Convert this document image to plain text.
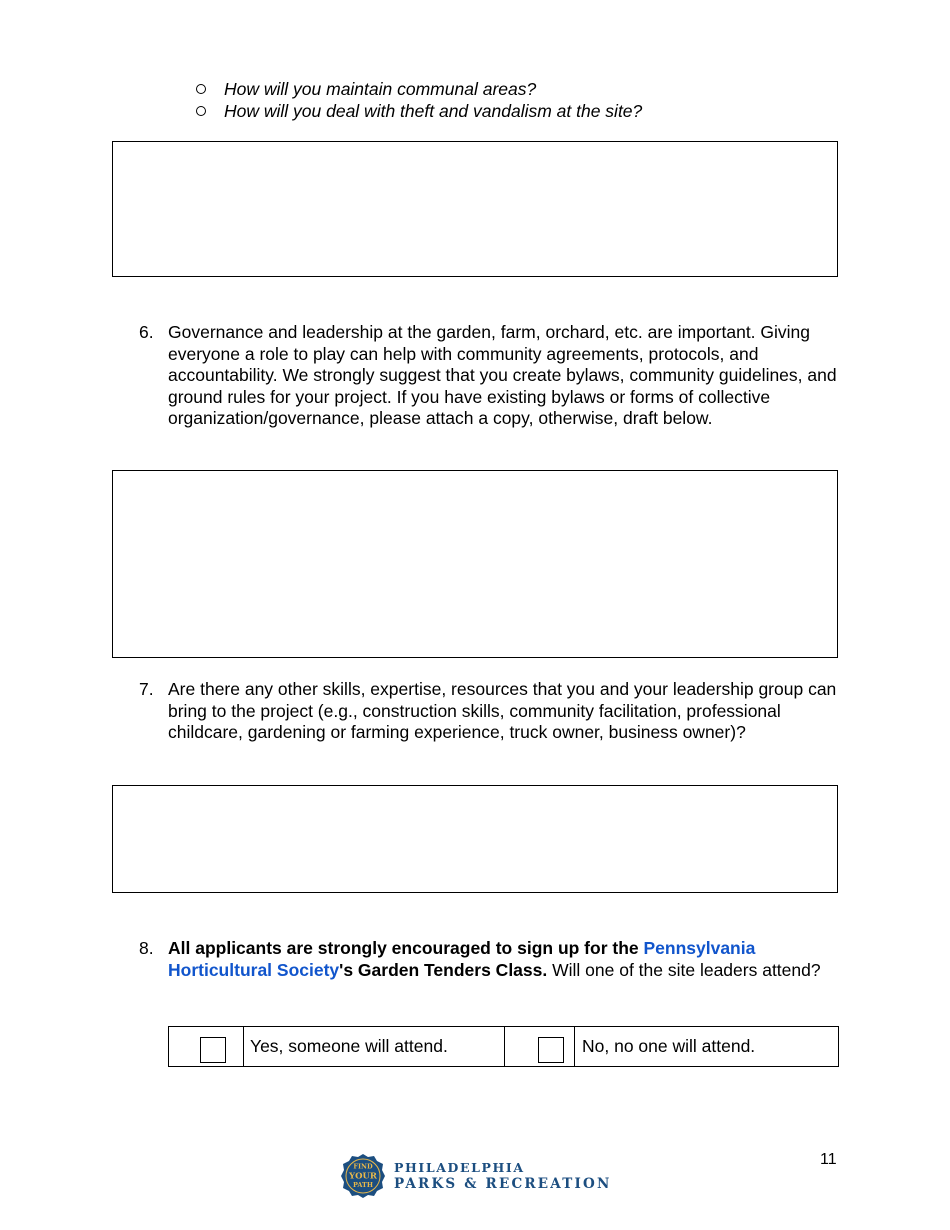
How will you maintain communal areas?
How will you deal with theft and vandalism at the site?
6. Governance and leadership at the garden, farm, orchard, etc. are important. Giving everyone a role to play can help with community agreements, protocols, and accountability. We strongly suggest that you create bylaws, community guidelines, and ground rules for your project. If you have existing bylaws or forms of collective organization/governance, please attach a copy, otherwise, draft below.
7. Are there any other skills, expertise, resources that you and your leadership group can bring to the project (e.g., construction skills, community facilitation, professional childcare, gardening or farming experience, truck owner, business owner)?
8. All applicants are strongly encouraged to sign up for the Pennsylvania Horticultural Society's Garden Tenders Class. Will one of the site leaders attend?
Yes, someone will attend.	No, no one will attend.
11
FIND
YOUR
PATH
PHILADELPHIA
PARKS & RECREATION
